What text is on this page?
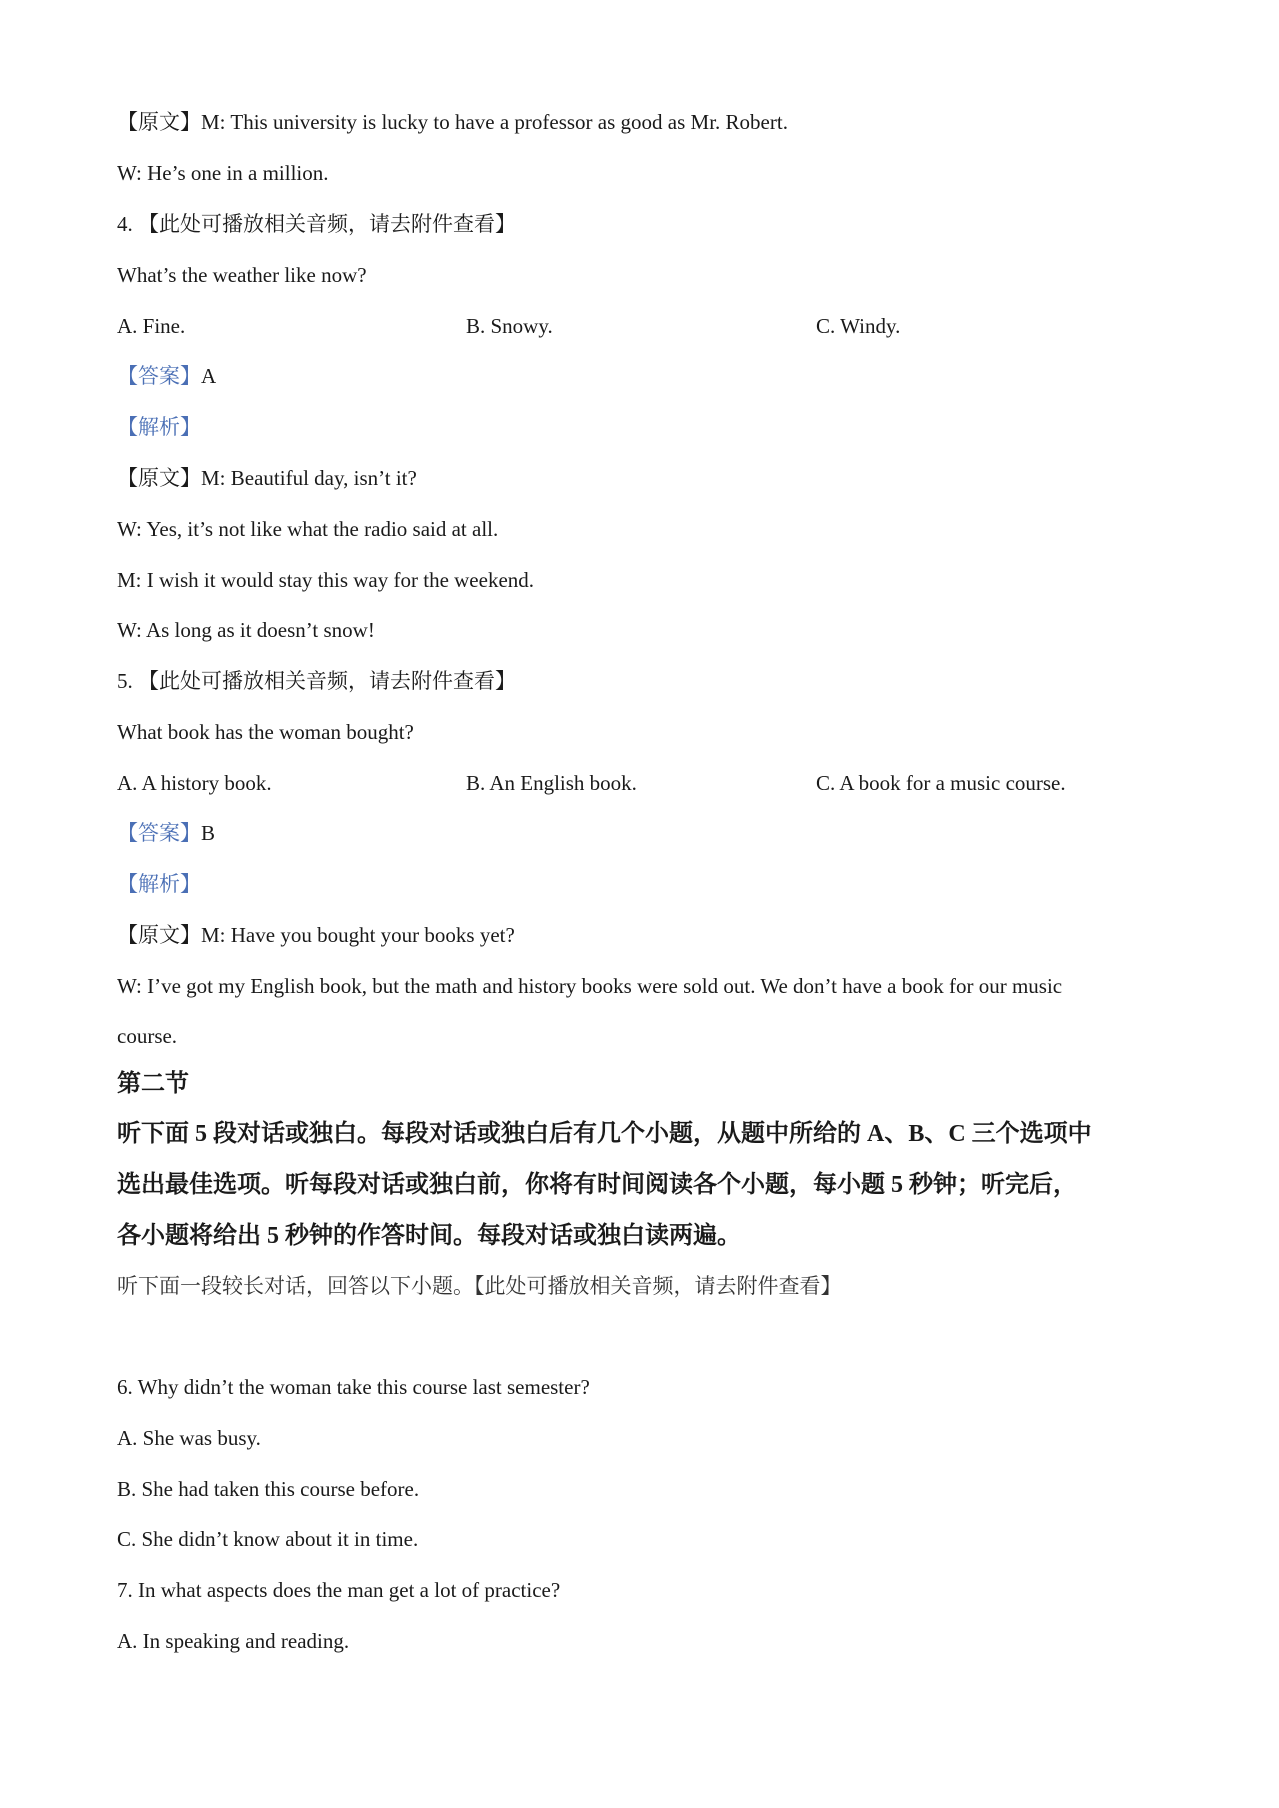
【原文】M: This university is lucky to have a professor as good as Mr. Robert.
W: He’s one in a million.
4. 【此处可播放相关音频，请去附件查看】
What’s the weather like now?
A. Fine.	B. Snowy.	C. Windy.
【答案】A
【解析】
【原文】M: Beautiful day, isn’t it?
W: Yes, it’s not like what the radio said at all.
M: I wish it would stay this way for the weekend.
W: As long as it doesn’t snow!
5. 【此处可播放相关音频，请去附件查看】
What book has the woman bought?
A. A history book.	B. An English book.	C. A book for a music course.
【答案】B
【解析】
【原文】M: Have you bought your books yet?
W: I’ve got my English book, but the math and history books were sold out. We don’t have a book for our music
course.
第二节
听下面 5 段对话或独白。每段对话或独白后有几个小题，从题中所给的 A、B、C 三个选项中
选出最佳选项。听每段对话或独白前，你将有时间阅读各个小题，每小题 5 秒钟；听完后，
各小题将给出 5 秒钟的作答时间。每段对话或独白读两遍。
听下面一段较长对话，回答以下小题。【此处可播放相关音频，请去附件查看】
6. Why didn’t the woman take this course last semester?
A. She was busy.
B. She had taken this course before.
C. She didn’t know about it in time.
7. In what aspects does the man get a lot of practice?
A. In speaking and reading.
